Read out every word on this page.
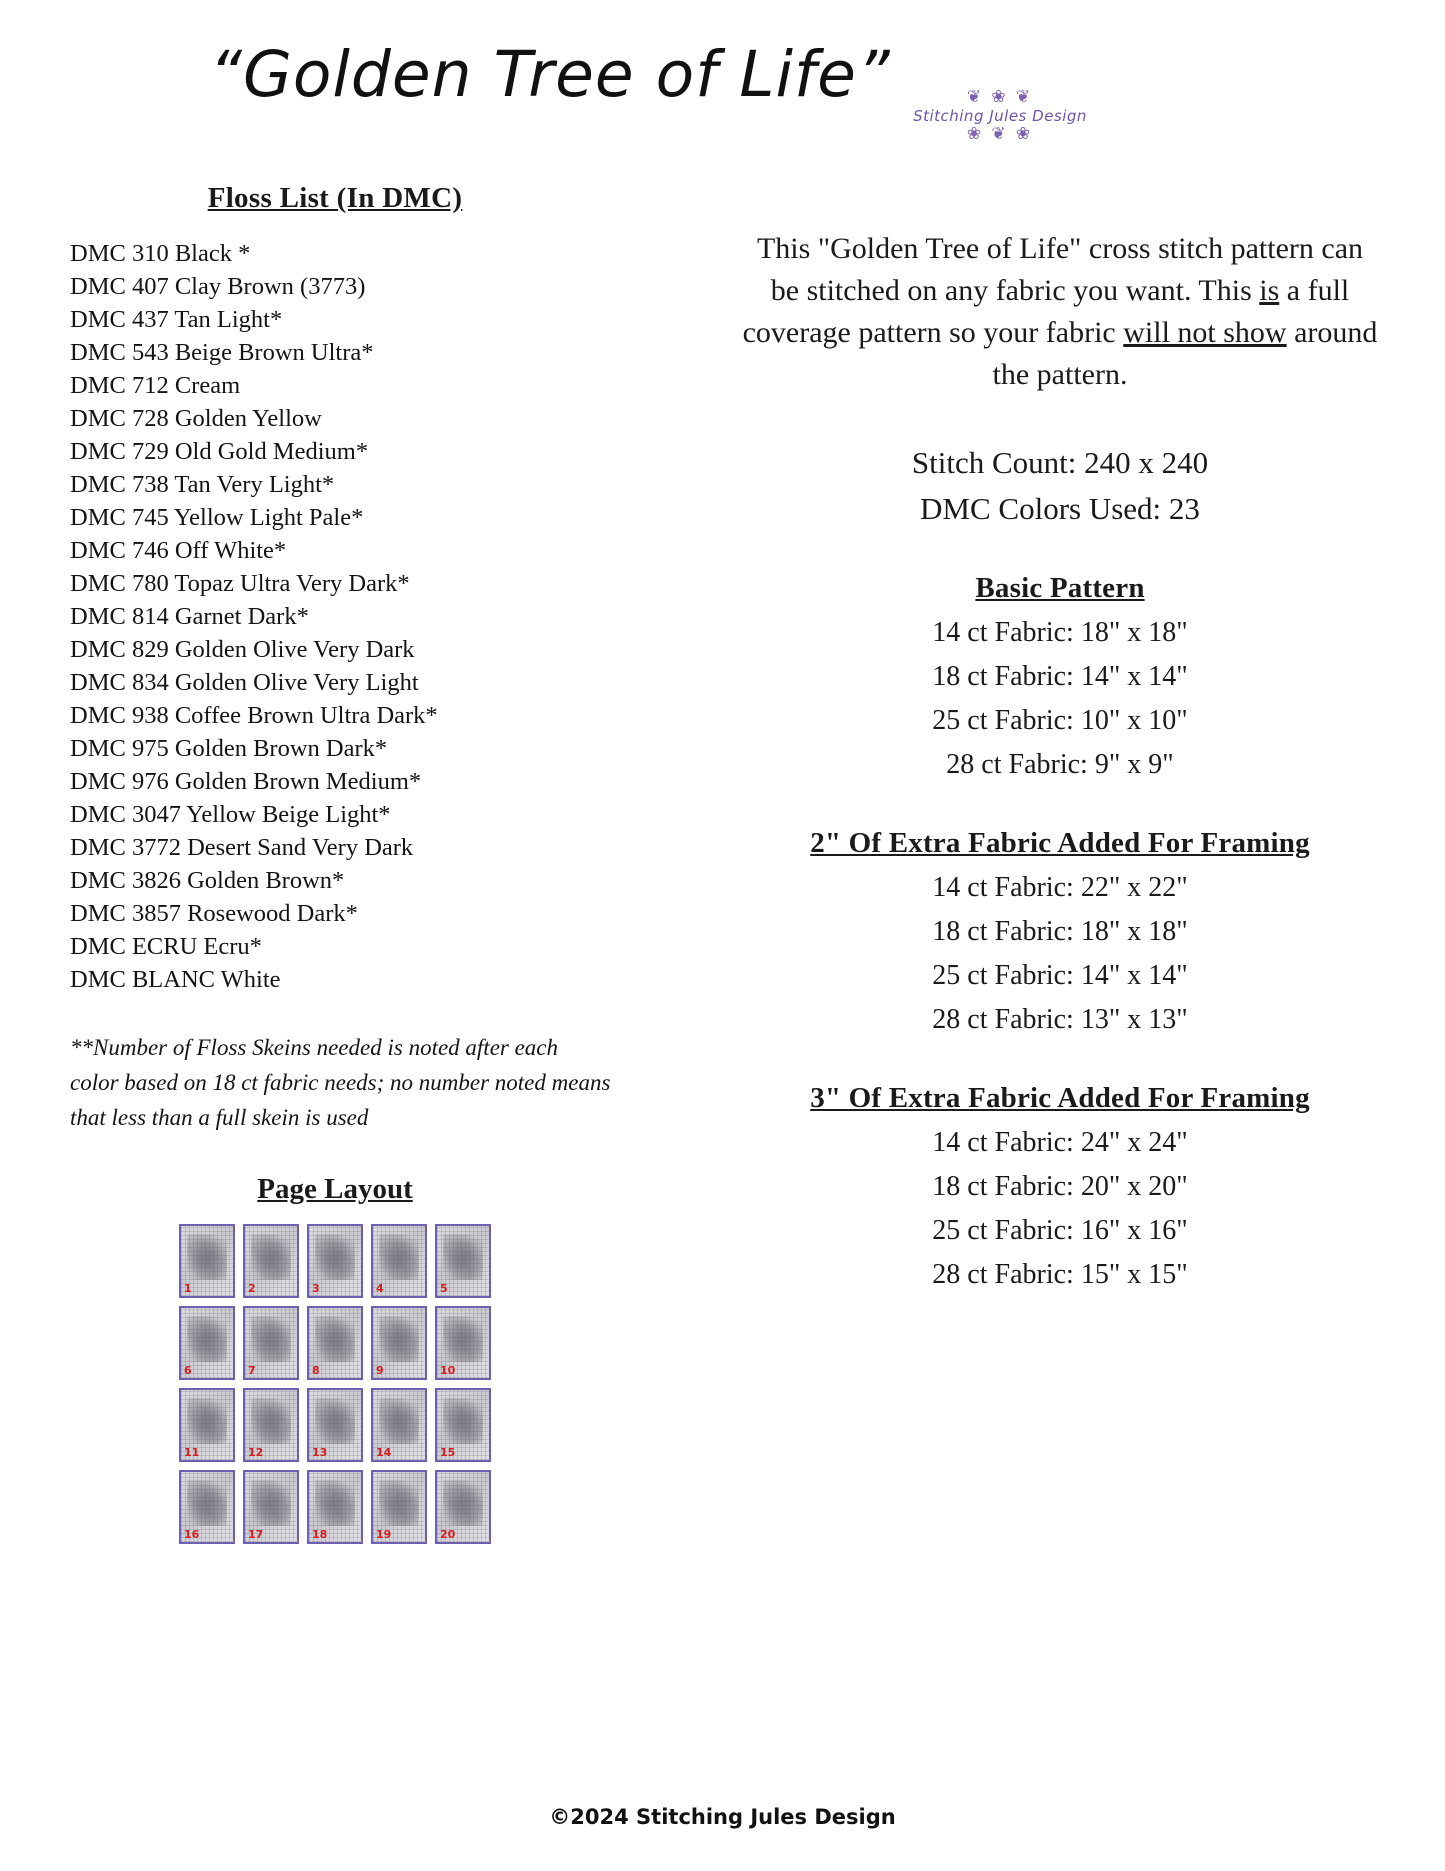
“Golden Tree of Life”	❦ ❀ ❦
Stitching Jules Design
❀ ❦ ❀
Floss List (In DMC)
DMC 310 Black *
DMC 407 Clay Brown (3773)
DMC 437 Tan Light*
DMC 543 Beige Brown Ultra*
DMC 712 Cream
DMC 728 Golden Yellow
DMC 729 Old Gold Medium*
DMC 738 Tan Very Light*
DMC 745 Yellow Light Pale*
DMC 746 Off White*
DMC 780 Topaz Ultra Very Dark*
DMC 814 Garnet Dark*
DMC 829 Golden Olive Very Dark
DMC 834 Golden Olive Very Light
DMC 938 Coffee Brown Ultra Dark*
DMC 975 Golden Brown Dark*
DMC 976 Golden Brown Medium*
DMC 3047 Yellow Beige Light*
DMC 3772 Desert Sand Very Dark
DMC 3826 Golden Brown*
DMC 3857 Rosewood Dark*
DMC ECRU Ecru*
DMC BLANC White
**Number of Floss Skeins needed is noted after each
color based on 18 ct fabric needs; no number noted means
that less than a full skein is used
Page Layout
1	2	3	4	5
6	7	8	9	10
11	12	13	14	15
16	17	18	19	20

This "Golden Tree of Life" cross stitch pattern can be stitched on any fabric you want. This is a full coverage pattern so your fabric will not show around the pattern.

Stitch Count: 240 x 240
DMC Colors Used: 23
Basic Pattern
14 ct Fabric: 18" x 18"
18 ct Fabric: 14" x 14"
25 ct Fabric: 10" x 10"
28 ct Fabric: 9" x 9"
2" Of Extra Fabric Added For Framing
14 ct Fabric: 22" x 22"
18 ct Fabric: 18" x 18"
25 ct Fabric: 14" x 14"
28 ct Fabric: 13" x 13"
3" Of Extra Fabric Added For Framing
14 ct Fabric: 24" x 24"
18 ct Fabric: 20" x 20"
25 ct Fabric: 16" x 16"
28 ct Fabric: 15" x 15"
©2024 Stitching Jules Design
